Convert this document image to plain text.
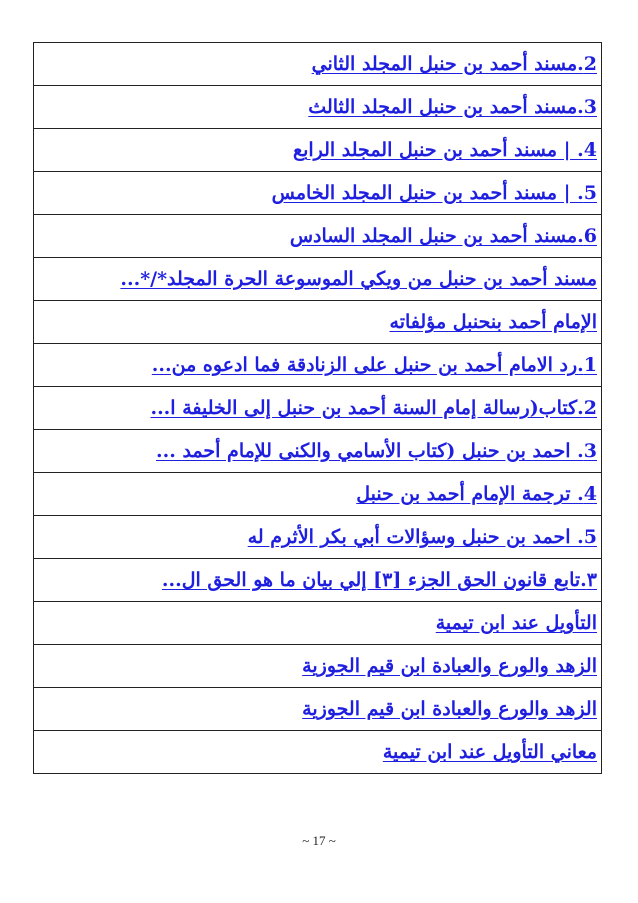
2.مسند أحمد بن حنبل المجلد الثاني
3.مسند أحمد بن حنبل المجلد الثالث
4. | مسند أحمد بن حنبل المجلد الرابع
5. | مسند أحمد بن حنبل المجلد الخامس
6.مسند أحمد بن حنبل المجلد السادس
مسند أحمد بن حنبل من ويكي الموسوعة الحرة المجلد*/*...
الإمام أحمد بنحنبل مؤلفاته
1.رد الامام أحمد بن حنبل على الزنادقة فما ادعوه من...
2.كتاب(رسالة إمام السنة أحمد بن حنبل إلى الخليفة ا...
3. احمد بن حنبل (كتاب الأسامي والكنى للإمام أحمد ...
4. ترجمة الإمام أحمد بن حنبل
5. احمد بن حنبل وسؤالات أبي بكر الأثرم له
٣.تابع قانون الحق الجزء [٣] إلي بيان ما هو الحق ال...
التأويل عند ابن تيمية
الزهد والورع والعبادة ابن قيم الجوزية
الزهد والورع والعبادة ابن قيم الجوزية
معاني التأويل عند ابن تيمية
~ 17 ~
